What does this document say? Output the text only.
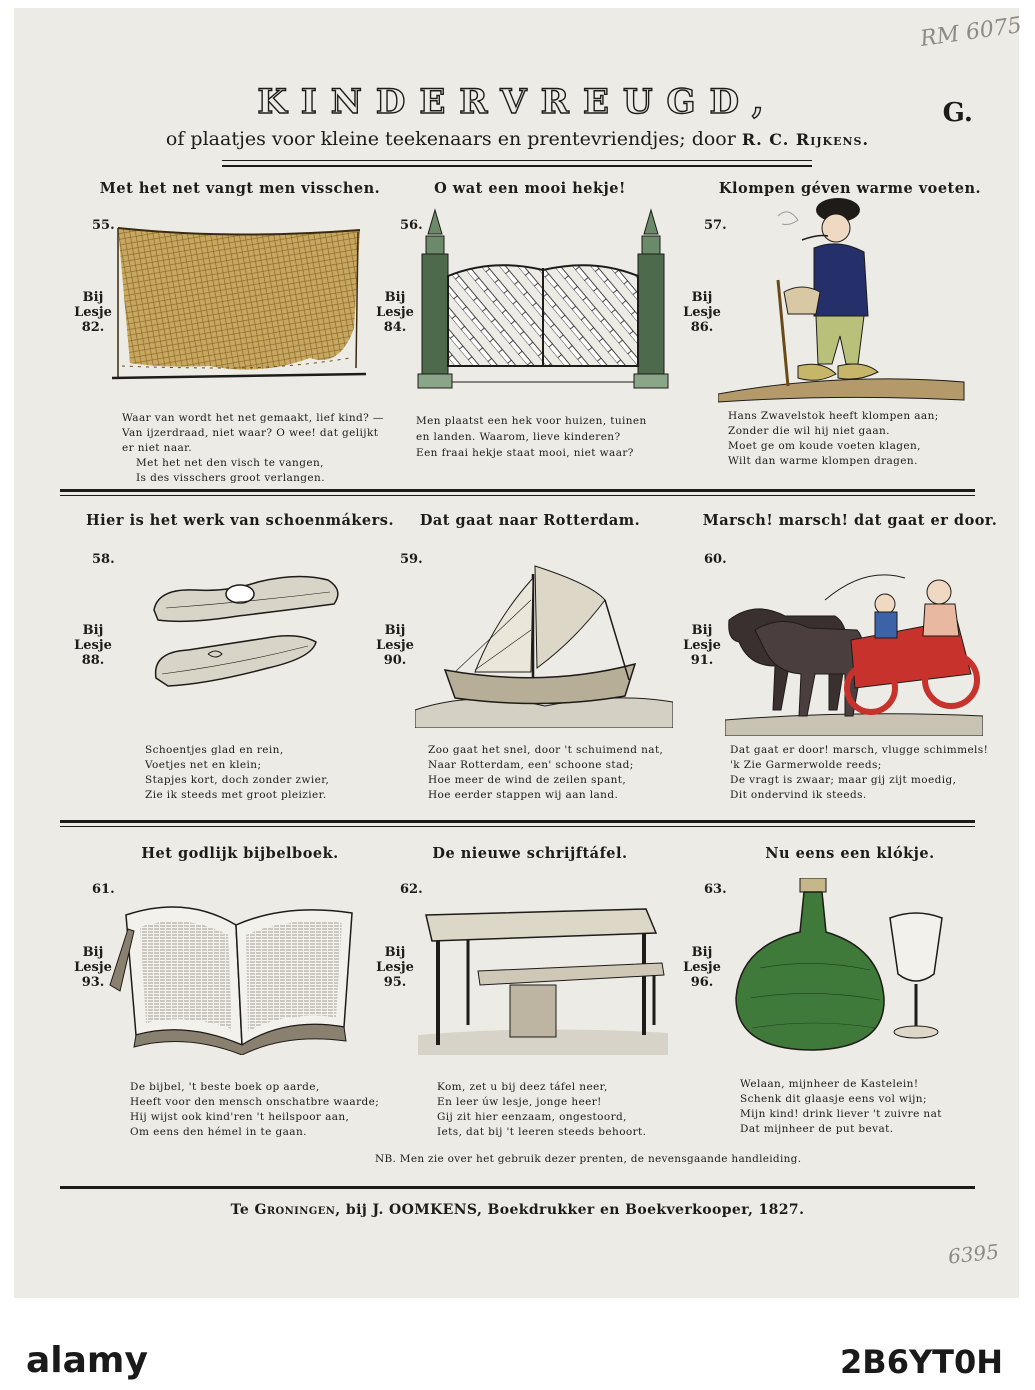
RM 6075
6395
KINDERVREUGD,	G.
of plaatjes voor kleine teekenaars en prentevriendjes; door R. C. Rijkens.
Met het net vangt men visschen.	O wat een mooi hekje!	Klompen géven warme voeten.
55.	56.	57.
Bij
Lesje
82.
Bij
Lesje
84.
Bij
Lesje
86.
Waar van wordt het net gemaakt, lief kind? —
Van ijzerdraad, niet waar? O wee! dat gelijkt
er niet naar.
Met het net den visch te vangen,
Is des visschers groot verlangen.
Men plaatst een hek voor huizen, tuinen
en landen. Waarom, lieve kinderen?
Een fraai hekje staat mooi, niet waar?
Hans Zwavelstok heeft klompen aan;
Zonder die wil hij niet gaan.
Moet ge om koude voeten klagen,
Wilt dan warme klompen dragen.
Hier is het werk van schoenmákers.	Dat gaat naar Rotterdam.	Marsch! marsch! dat gaat er door.
58.	59.	60.
Bij
Lesje
88.
Bij
Lesje
90.
Bij
Lesje
91.
Schoentjes glad en rein,
Voetjes net en klein;
Stapjes kort, doch zonder zwier,
Zie ik steeds met groot pleizier.
Zoo gaat het snel, door 't schuimend nat,
Naar Rotterdam, een' schoone stad;
Hoe meer de wind de zeilen spant,
Hoe eerder stappen wij aan land.
Dat gaat er door! marsch, vlugge schimmels!
'k Zie Garmerwolde reeds;
De vragt is zwaar; maar gij zijt moedig,
Dit ondervind ik steeds.
Het godlijk bijbelboek.	De nieuwe schrijftáfel.	Nu eens een klókje.
61.	62.	63.
Bij
Lesje
93.
Bij
Lesje
95.
Bij
Lesje
96.
De bijbel, 't beste boek op aarde,
Heeft voor den mensch onschatbre waarde;
Hij wijst ook kind'ren 't heilspoor aan,
Om eens den hémel in te gaan.
Kom, zet u bij deez táfel neer,
En leer úw lesje, jonge heer!
Gij zit hier eenzaam, ongestoord,
Iets, dat bij 't leeren steeds behoort.
Welaan, mijnheer de Kastelein!
Schenk dit glaasje eens vol wijn;
Mijn kind! drink liever 't zuivre nat
Dat mijnheer de put bevat.
NB. Men zie over het gebruik dezer prenten, de nevensgaande handleiding.
Te Groningen, bij J. OOMKENS, Boekdrukker en Boekverkooper, 1827.
alamy	2B6YT0H
